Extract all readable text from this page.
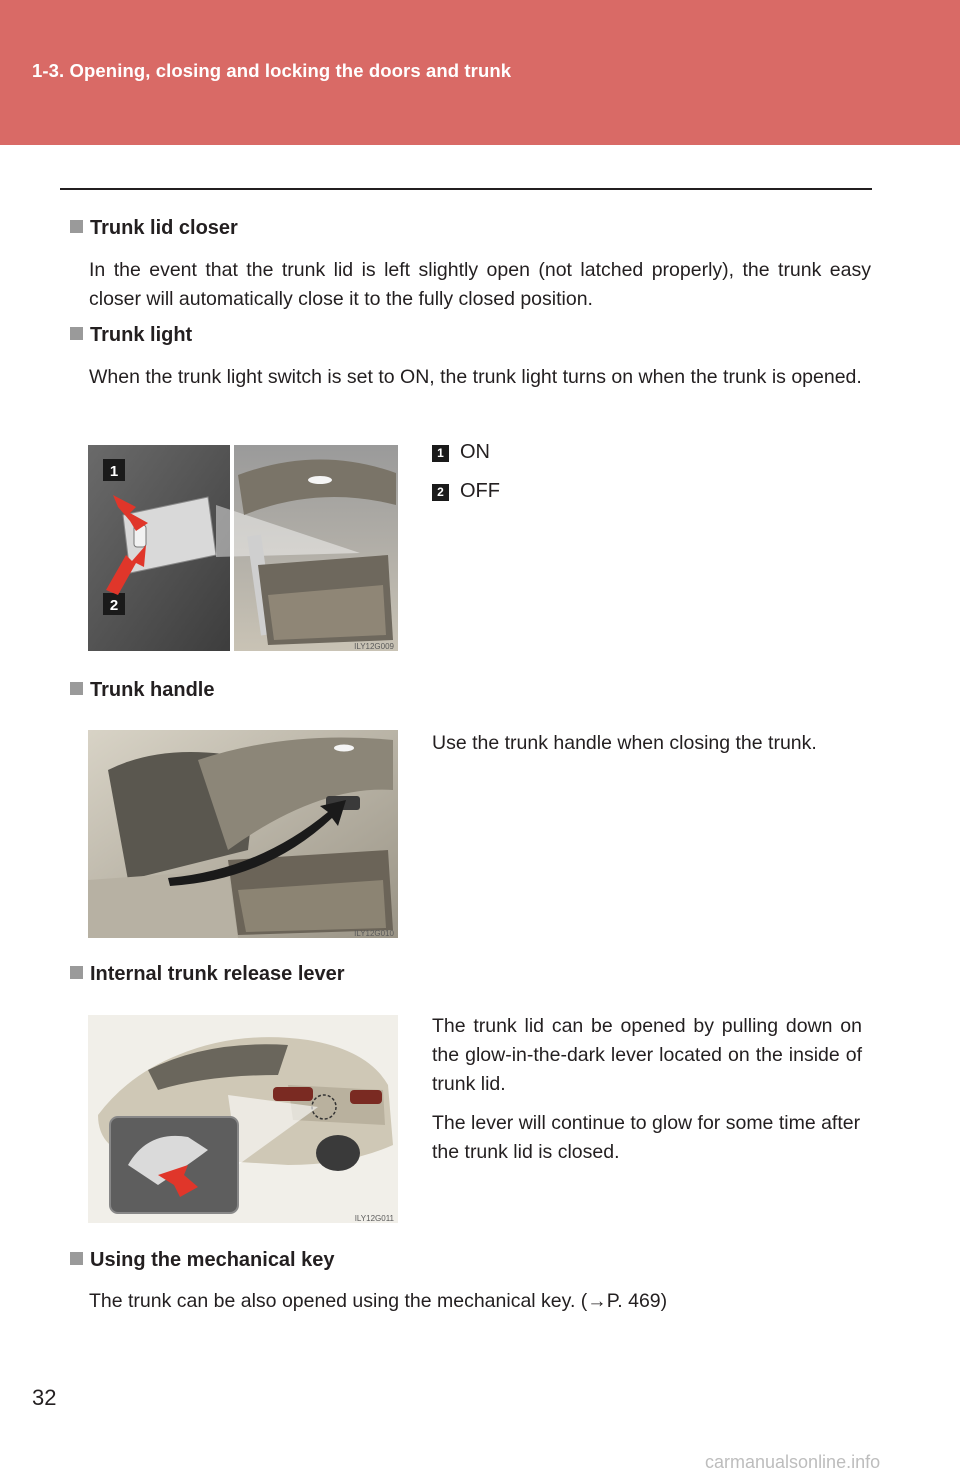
1-3. Opening, closing and locking the doors and trunk
Trunk lid closer
In the event that the trunk lid is left slightly open (not latched properly), the trunk easy closer will automatically close it to the fully closed position.
Trunk light
When the trunk light switch is set to ON, the trunk light turns on when the trunk is opened.
1
2
ILY12G009
1 ON
2 OFF
Trunk handle
ILY12G010
Use the trunk handle when closing the trunk.
Internal trunk release lever
ILY12G011
The trunk lid can be opened by pulling down on the glow-in-the-dark lever located on the inside of trunk lid.
The lever will continue to glow for some time after the trunk lid is closed.
Using the mechanical key
The trunk can be also opened using the mechanical key. (→P. 469)
32
carmanualsonline.info
